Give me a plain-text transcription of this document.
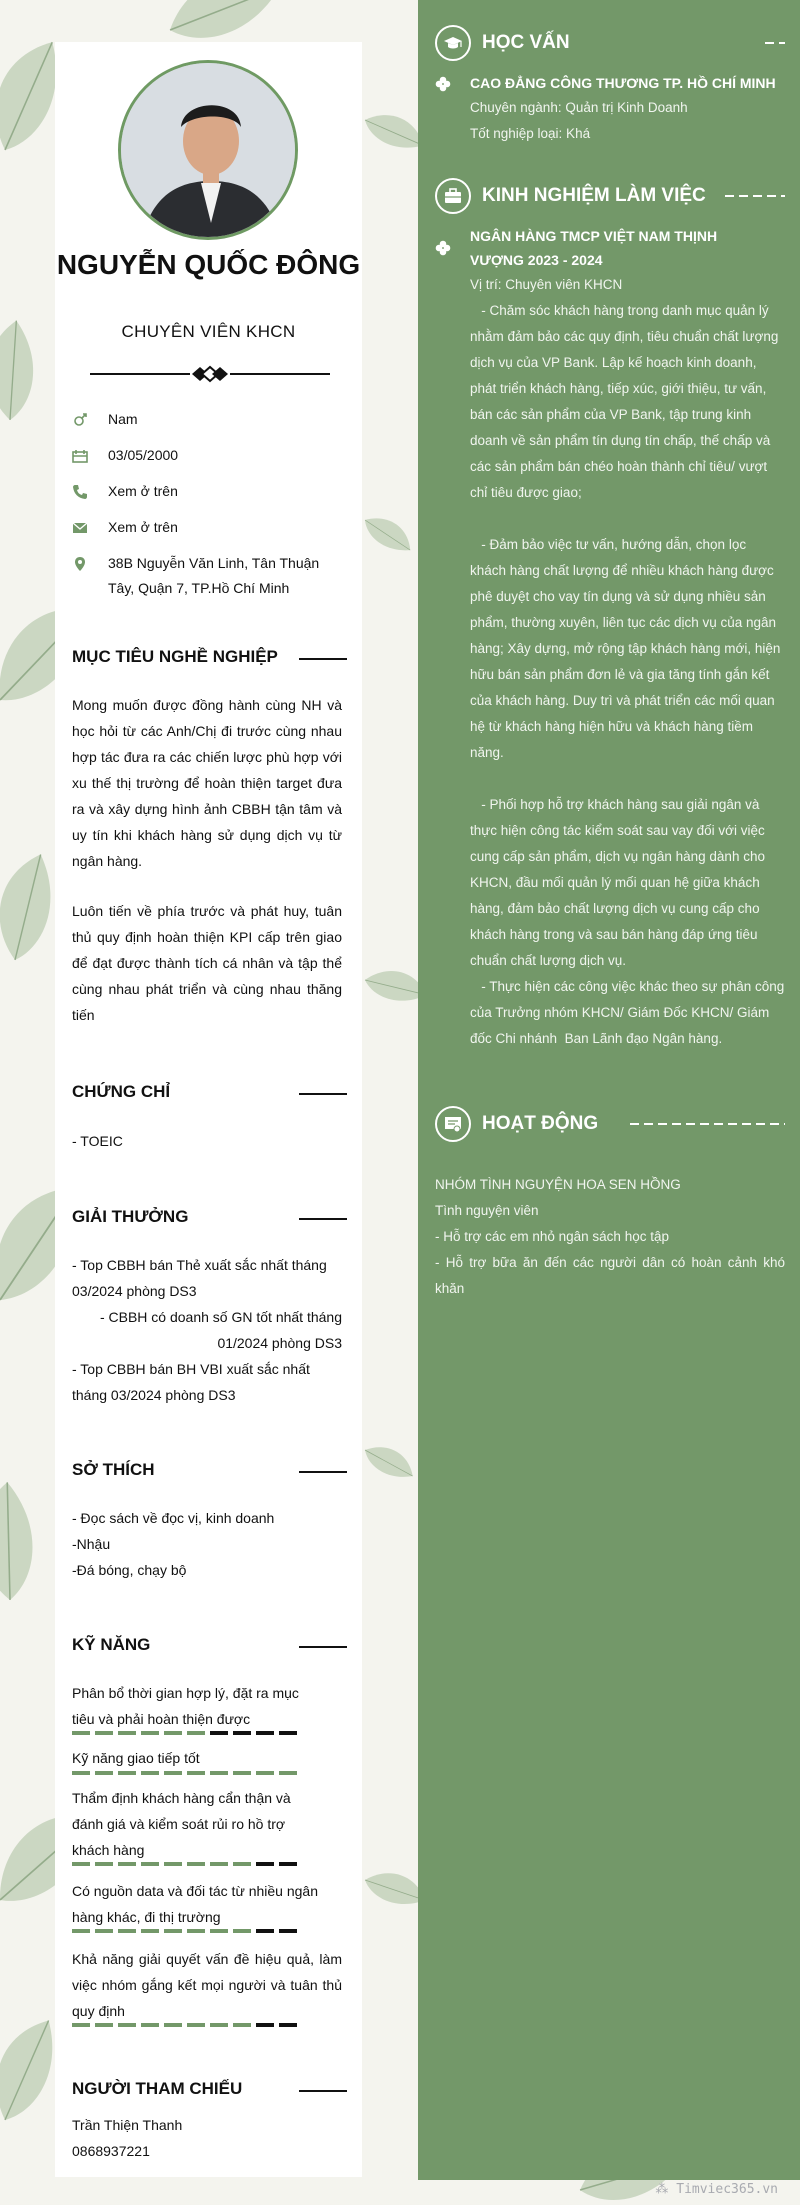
NGUYỄN QUỐC ĐÔNG
CHUYÊN VIÊN KHCN
Nam
03/05/2000
Xem ở trên
Xem ở trên
38B Nguyễn Văn Linh, Tân Thuận Tây, Quận 7, TP.Hồ Chí Minh
MỤC TIÊU NGHỀ NGHIỆP
Mong muốn được đồng hành cùng NH và học hỏi từ các Anh/Chị đi trước cùng nhau hợp tác đưa ra các chiến lược phù hợp với xu thế thị trường để hoàn thiện target đưa ra và xây dựng hình ảnh CBBH tận tâm và uy tín khi khách hàng sử dụng dịch vụ từ ngân hàng.
Luôn tiến về phía trước và phát huy, tuân thủ quy định hoàn thiện KPI cấp trên giao để đạt được thành tích cá nhân và tập thể cùng nhau phát triển và cùng nhau thăng tiến
CHỨNG CHỈ
- TOEIC
GIẢI THƯỞNG
- Top CBBH bán Thẻ xuất sắc nhất tháng 03/2024 phòng DS3
- CBBH có doanh số GN tốt nhất tháng 01/2024 phòng DS3
- Top CBBH bán BH VBI xuất sắc nhất tháng 03/2024 phòng DS3
SỞ THÍCH
- Đọc sách về đọc vị, kinh doanh
-Nhậu
-Đá bóng, chạy bộ
KỸ NĂNG
Phân bổ thời gian hợp lý, đặt ra mục tiêu và phải hoàn thiện được
Kỹ năng giao tiếp tốt
Thẩm định khách hàng cẩn thận và đánh giá và kiểm soát rủi ro hồ trợ khách hàng
Có nguồn data và đối tác từ nhiều ngân hàng khác, đi thị trường
Khả năng giải quyết vấn đề hiệu quả, làm việc nhóm gắng kết mọi người và tuân thủ quy định
NGƯỜI THAM CHIẾU
Trần Thiện Thanh
0868937221
HỌC VẤN
CAO ĐẲNG CÔNG THƯƠNG TP. HỒ CHÍ MINH
Chuyên ngành: Quản trị Kinh Doanh
Tốt nghiệp loại: Khá
KINH NGHIỆM LÀM VIỆC
NGÂN HÀNG TMCP VIỆT NAM THỊNH VƯỢNG 2023 - 2024
Vị trí: Chuyên viên KHCN
- Chăm sóc khách hàng trong danh mục quản lý nhằm đảm bảo các quy định, tiêu chuẩn chất lượng dịch vụ của VP Bank. Lập kế hoạch kinh doanh, phát triển khách hàng, tiếp xúc, giới thiệu, tư vấn, bán các sản phẩm của VP Bank, tập trung kinh doanh về sản phẩm tín dụng tín chấp, thế chấp và các sản phẩm bán chéo hoàn thành chỉ tiêu/ vượt chỉ tiêu được giao;
- Đảm bảo việc tư vấn, hướng dẫn, chọn lọc khách hàng chất lượng để nhiều khách hàng được phê duyệt cho vay tín dụng và sử dụng nhiều sản phẩm, thường xuyên, liên tục các dịch vụ của ngân hàng; Xây dựng, mở rộng tập khách hàng mới, hiện hữu bán sản phẩm đơn lẻ và gia tăng tính gắn kết của khách hàng. Duy trì và phát triển các mối quan hệ từ khách hàng hiện hữu và khách hàng tiềm năng.
- Phối hợp hỗ trợ khách hàng sau giải ngân và thực hiện công tác kiểm soát sau vay đối với việc cung cấp sản phẩm, dịch vụ ngân hàng dành cho KHCN, đầu mối quản lý mối quan hệ giữa khách hàng, đảm bảo chất lượng dịch vụ cung cấp cho khách hàng trong và sau bán hàng đáp ứng tiêu chuẩn chất lượng dịch vụ.
- Thực hiện các công việc khác theo sự phân công của Trưởng nhóm KHCN/ Giám Đốc KHCN/ Giám đốc Chi nhánh  Ban Lãnh đạo Ngân hàng.
HOẠT ĐỘNG
NHÓM TÌNH NGUYỆN HOA SEN HỒNG
Tình nguyện viên
- Hỗ trợ các em nhỏ ngân sách học tập
- Hỗ trợ bữa ăn đến các người dân có hoàn cảnh khó khăn
⁂ Timviec365.vn
